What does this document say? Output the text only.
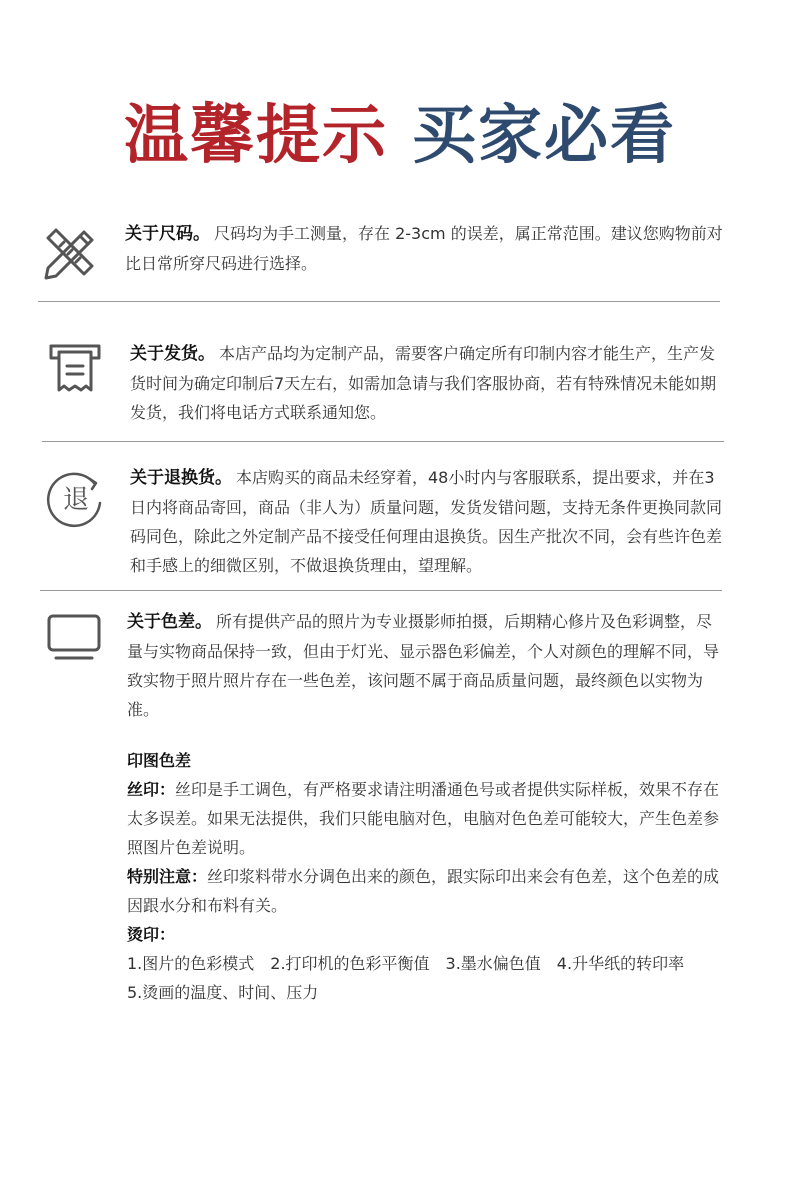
温馨提示 买家必看
关于尺码。 尺码均为手工测量，存在 2-3cm 的误差，属正常范围。建议您购物前对比日常所穿尺码进行选择。
关于发货。 本店产品均为定制产品，需要客户确定所有印制内容才能生产，生产发货时间为确定印制后7天左右，如需加急请与我们客服协商，若有特殊情况未能如期发货，我们将电话方式联系通知您。
退
关于退换货。 本店购买的商品未经穿着，48小时内与客服联系，提出要求，并在3日内将商品寄回，商品（非人为）质量问题，发货发错问题，支持无条件更换同款同码同色，除此之外定制产品不接受任何理由退换货。因生产批次不同，会有些许色差和手感上的细微区别，不做退换货理由，望理解。
关于色差。 所有提供产品的照片为专业摄影师拍摄，后期精心修片及色彩调整，尽量与实物商品保持一致，但由于灯光、显示器色彩偏差，个人对颜色的理解不同，导致实物于照片照片存在一些色差，该问题不属于商品质量问题，最终颜色以实物为准。

印图色差

丝印：丝印是手工调色，有严格要求请注明潘通色号或者提供实际样板，效果不存在太多误差。如果无法提供，我们只能电脑对色，电脑对色色差可能较大，产生色差参照图片色差说明。

特别注意：丝印浆料带水分调色出来的颜色，跟实际印出来会有色差，这个色差的成因跟水分和布料有关。

烫印：

1.图片的色彩模式　2.打印机的色彩平衡值　3.墨水偏色值　4.升华纸的转印率

5.烫画的温度、时间、压力
